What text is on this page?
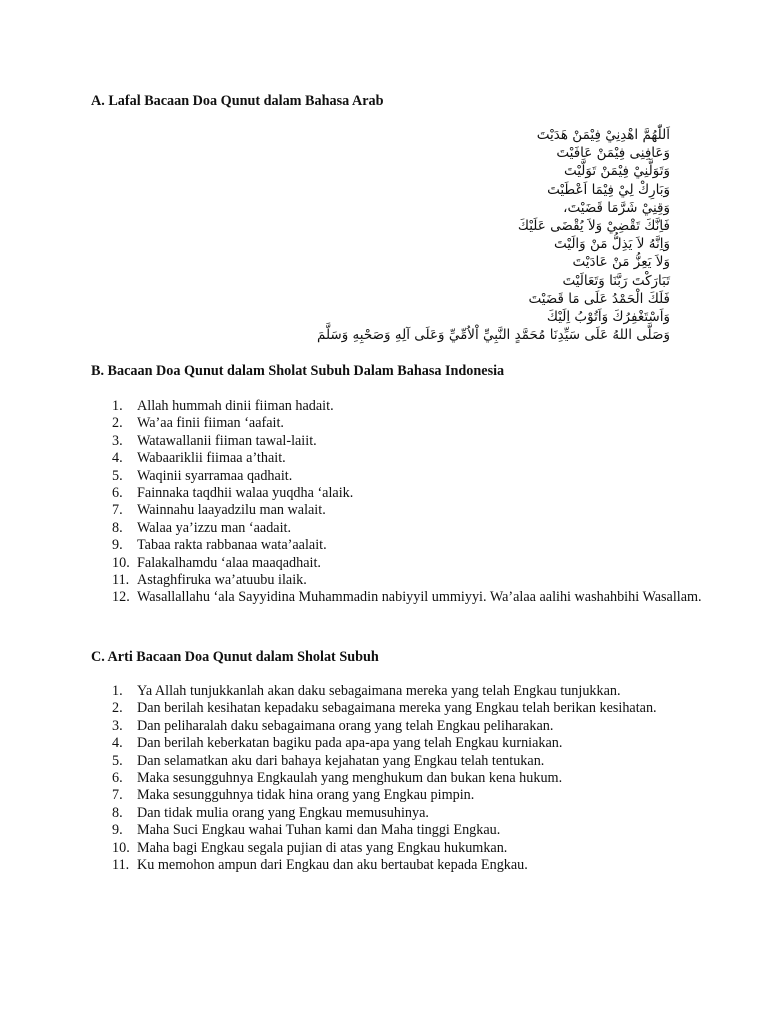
A. Lafal Bacaan Doa Qunut dalam Bahasa Arab
اَللّٰهُمَّ اهْدِنِيْ فِيْمَنْ هَدَيْتَ
وَعَافِنِى فِيْمَنْ عَافَيْتَ
وَتَوَلَّنِيْ فِيْمَنْ تَوَلَّيْتَ
وَبَارِكْ لِيْ فِيْمَا اَعْطَيْتَ
وَقِنِيْ شَرَّمَا قَضَيْتَ،
فَاِنَّكَ تَقْضِيْ وَلاَ يُقْضَى عَلَيْكَ
وَاِنَّهُ لاَ يَذِلُّ مَنْ وَالَيْتَ
وَلاَ يَعِزُّ مَنْ عَادَيْتَ
تَبَارَكْتَ رَبَّنَا وَتَعَالَيْتَ
فَلَكَ الْحَمْدُ عَلَى مَا قَضَيْتَ
وَاَسْتَغْفِرُكَ وَاَتُوْبُ اِلَيْكَ
وَصَلَّى اللهُ عَلَى سَيِّدِنَا مُحَمَّدٍ النَّبِيِّ اْلاُمِّيِّ وَعَلَى آلِهِ وَصَحْبِهِ وَسَلَّمَ
B. Bacaan Doa Qunut dalam Sholat Subuh Dalam Bahasa Indonesia
1. Allah hummah dinii fiiman hadait.
2. Wa’aa finii fiiman ‘aafait.
3. Watawallanii fiiman tawal-laiit.
4. Wabaariklii fiimaa a’thait.
5. Waqinii syarramaa qadhait.
6. Fainnaka taqdhii walaa yuqdha ‘alaik.
7. Wainnahu laayadzilu man walait.
8. Walaa ya’izzu man ‘aadait.
9. Tabaa rakta rabbanaa wata’aalait.
10. Falakalhamdu ‘alaa maaqadhait.
11. Astaghfiruka wa’atuubu ilaik.
12. Wasallallahu ‘ala Sayyidina Muhammadin nabiyyil ummiyyi. Wa’alaa aalihi washahbihi Wasallam.
C. Arti Bacaan Doa Qunut dalam Sholat Subuh
1. Ya Allah tunjukkanlah akan daku sebagaimana mereka yang telah Engkau tunjukkan.
2. Dan berilah kesihatan kepadaku sebagaimana mereka yang Engkau telah berikan kesihatan.
3. Dan peliharalah daku sebagaimana orang yang telah Engkau peliharakan.
4. Dan berilah keberkatan bagiku pada apa-apa yang telah Engkau kurniakan.
5. Dan selamatkan aku dari bahaya kejahatan yang Engkau telah tentukan.
6. Maka sesungguhnya Engkaulah yang menghukum dan bukan kena hukum.
7. Maka sesungguhnya tidak hina orang yang Engkau pimpin.
8. Dan tidak mulia orang yang Engkau memusuhinya.
9. Maha Suci Engkau wahai Tuhan kami dan Maha tinggi Engkau.
10. Maha bagi Engkau segala pujian di atas yang Engkau hukumkan.
11. Ku memohon ampun dari Engkau dan aku bertaubat kepada Engkau.
